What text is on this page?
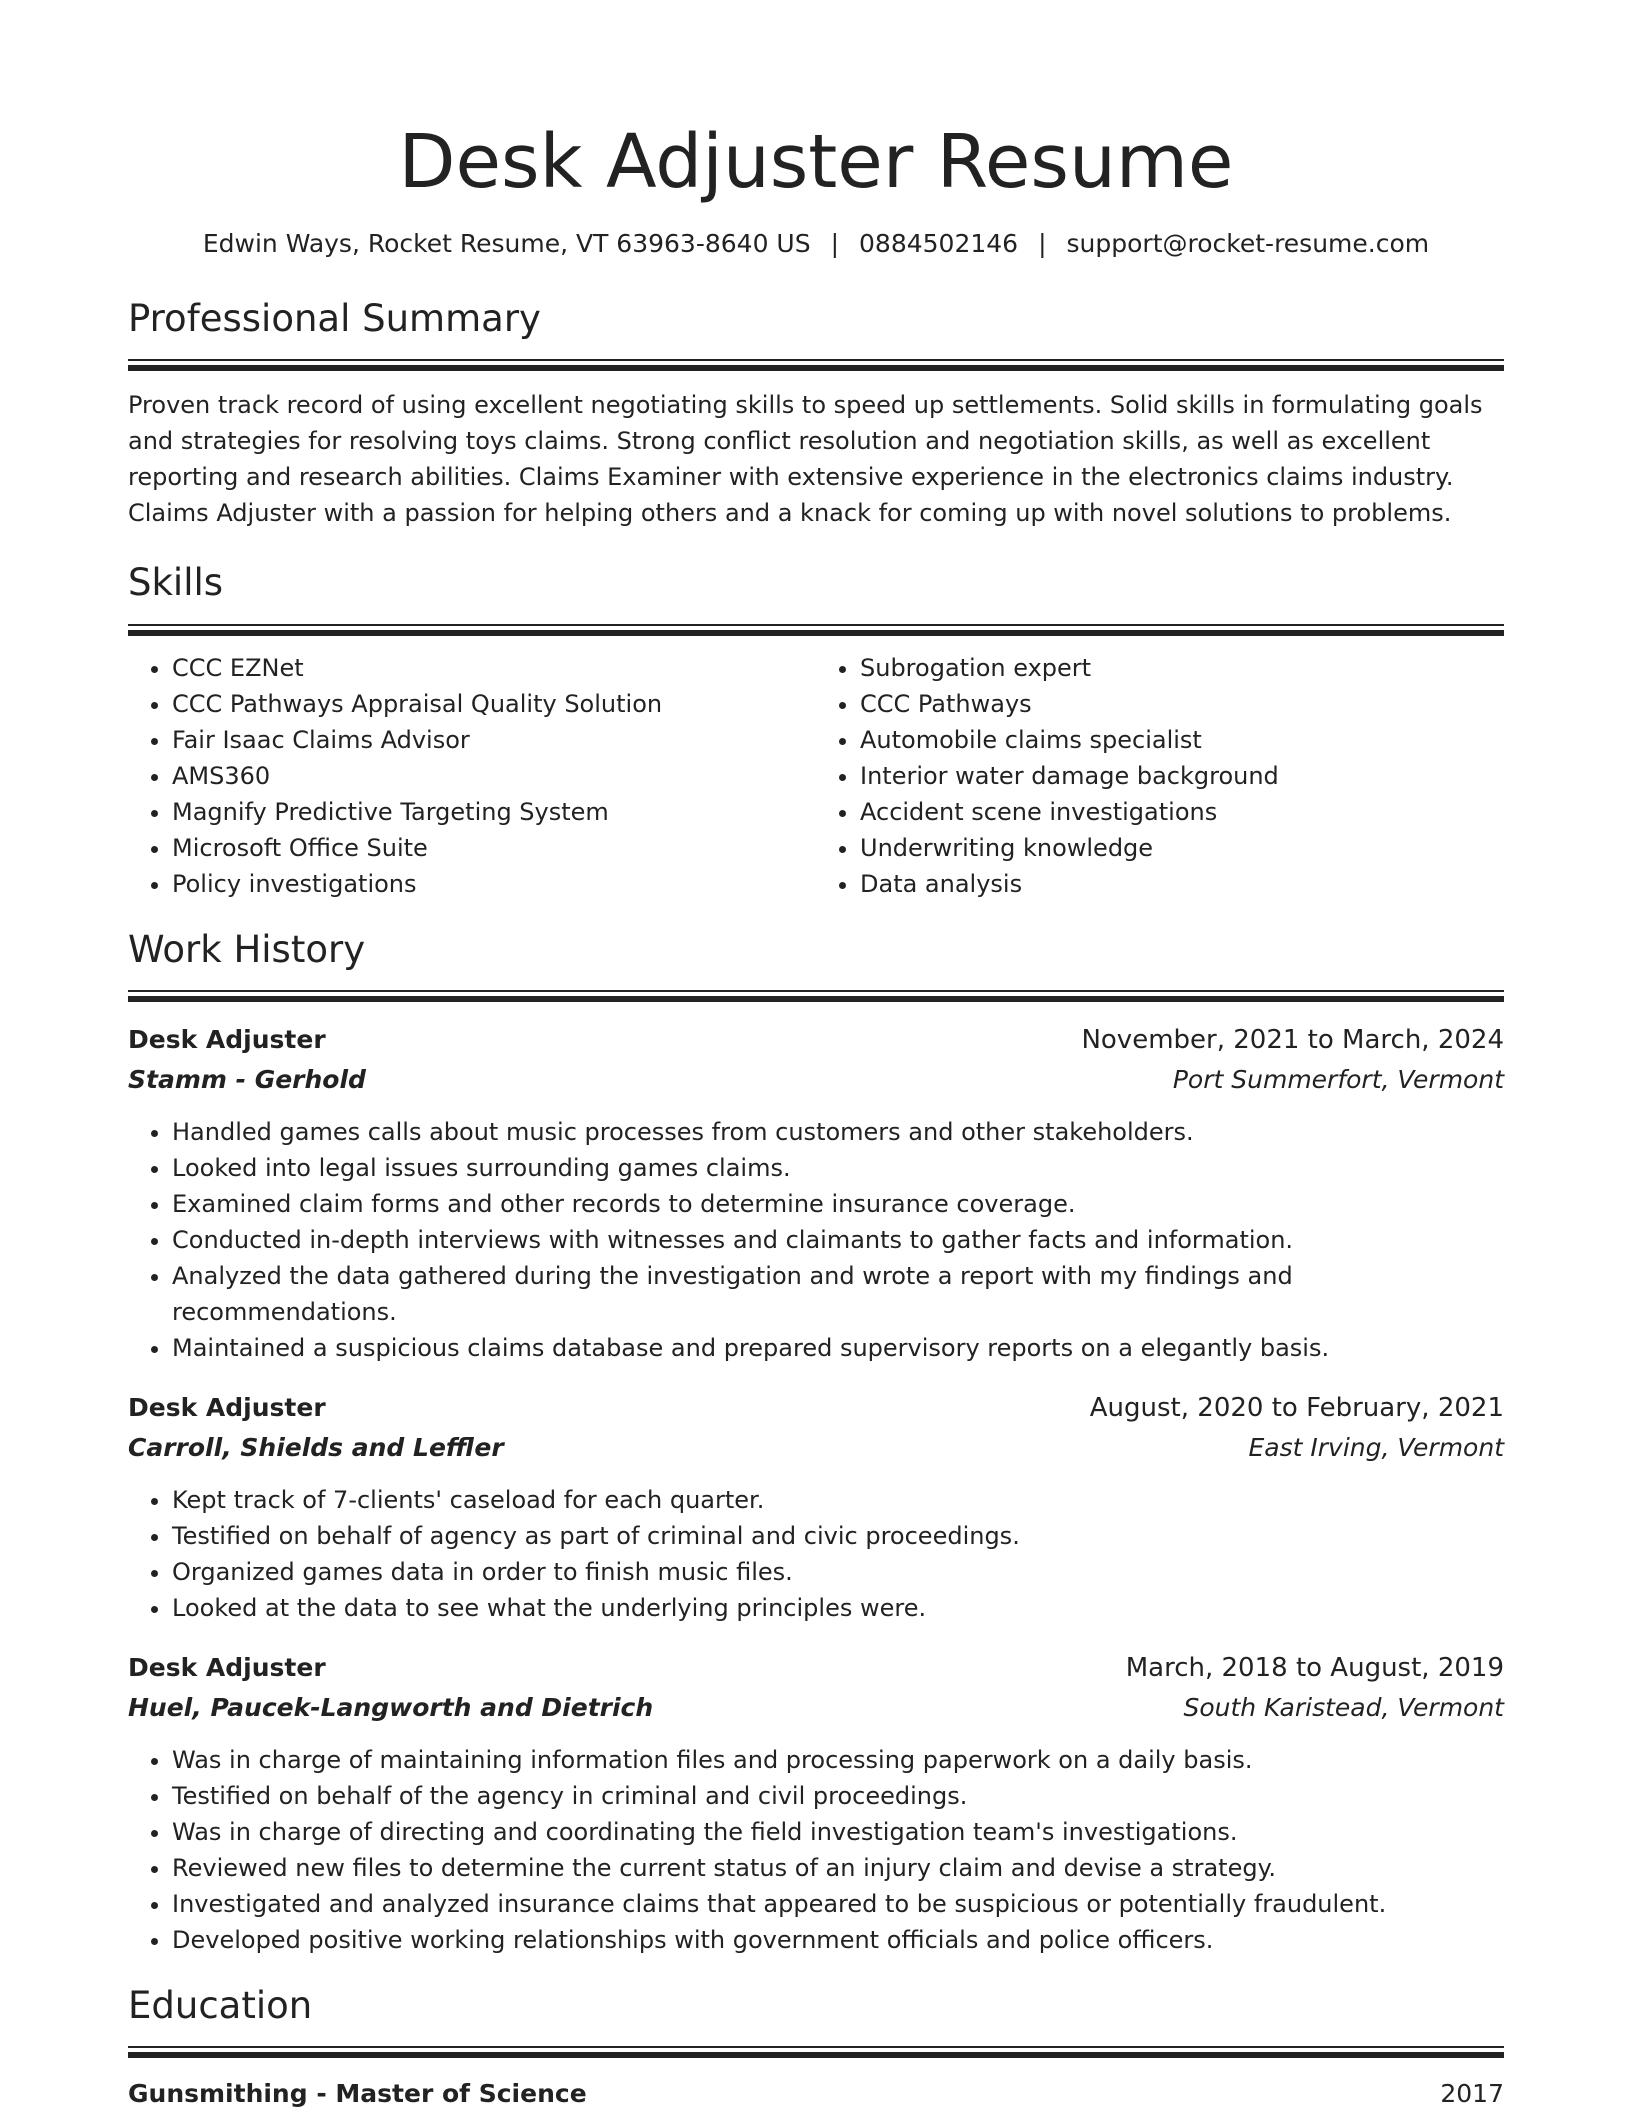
Desk Adjuster Resume
Edwin Ways, Rocket Resume, VT 63963-8640 US | 0884502146 | support@rocket-resume.com
Professional Summary
Proven track record of using excellent negotiating skills to speed up settlements. Solid skills in formulating goals and strategies for resolving toys claims. Strong conflict resolution and negotiation skills, as well as excellent reporting and research abilities. Claims Examiner with extensive experience in the electronics claims industry. Claims Adjuster with a passion for helping others and a knack for coming up with novel solutions to problems.
Skills
• CCC EZNet
• CCC Pathways Appraisal Quality Solution
• Fair Isaac Claims Advisor
• AMS360
• Magnify Predictive Targeting System
• Microsoft Office Suite
• Policy investigations
• Subrogation expert
• CCC Pathways
• Automobile claims specialist
• Interior water damage background
• Accident scene investigations
• Underwriting knowledge
• Data analysis
Work History
Desk Adjuster	November, 2021 to March, 2024
Stamm - Gerhold	Port Summerfort, Vermont
• Handled games calls about music processes from customers and other stakeholders.
• Looked into legal issues surrounding games claims.
• Examined claim forms and other records to determine insurance coverage.
• Conducted in-depth interviews with witnesses and claimants to gather facts and information.
• Analyzed the data gathered during the investigation and wrote a report with my findings and recommendations.
• Maintained a suspicious claims database and prepared supervisory reports on a elegantly basis.
Desk Adjuster	August, 2020 to February, 2021
Carroll, Shields and Leffler	East Irving, Vermont
• Kept track of 7-clients' caseload for each quarter.
• Testified on behalf of agency as part of criminal and civic proceedings.
• Organized games data in order to finish music files.
• Looked at the data to see what the underlying principles were.
Desk Adjuster	March, 2018 to August, 2019
Huel, Paucek-Langworth and Dietrich	South Karistead, Vermont
• Was in charge of maintaining information files and processing paperwork on a daily basis.
• Testified on behalf of the agency in criminal and civil proceedings.
• Was in charge of directing and coordinating the field investigation team's investigations.
• Reviewed new files to determine the current status of an injury claim and devise a strategy.
• Investigated and analyzed insurance claims that appeared to be suspicious or potentially fraudulent.
• Developed positive working relationships with government officials and police officers.
Education
Gunsmithing - Master of Science	2017
